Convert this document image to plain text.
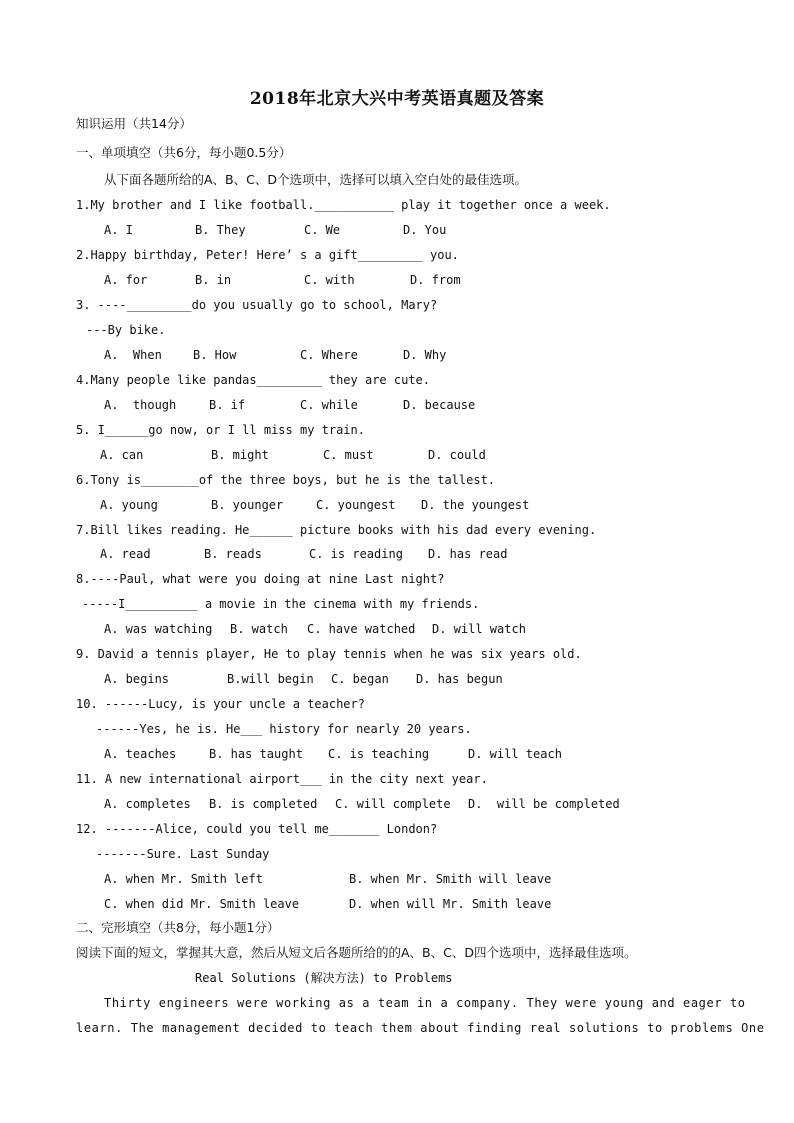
2018年北京大兴中考英语真题及答案
知识运用（共14分）
一、单项填空（共6分，每小题0.5分）
从下面各题所给的A、B、C、D个选项中，选择可以填入空白处的最佳选项。
1.My brother and I like football.___________ play it together once a week.
A. I	B. They	C. We	D. You
2.Happy birthday, Peter! Here’ s a gift_________ you.
A. for	B. in	C. with	D. from
3. ----_________do you usually go to school, Mary?
---By bike.
A.  When	B. How	C. Where	D. Why
4.Many people like pandas_________ they are cute.
A.  though	B. if	C. while	D. because
5. I______go now, or I ll miss my train.
A. can	B. might	C. must	D. could
6.Tony is________of the three boys, but he is the tallest.
A. young	B. younger	C. youngest D. the youngest
7.Bill likes reading. He______ picture books with his dad every evening.
A. read	B. reads	C. is reading D. has read
8.----Paul, what were you doing at nine Last night?
-----I__________ a movie in the cinema with my friends.
A. was watching B. watch C. have watched D. will watch
9. David a tennis player, He to play tennis when he was six years old.
A. begins	B.will begin C. began D. has begun
10. ------Lucy, is your uncle a teacher?
------Yes, he is. He___ history for nearly 20 years.
A. teaches	B. has taught C. is teaching	D. will teach
11. A new international airport___ in the city next year.
A. completes B. is completed C. will complete D.  will be completed
12. -------Alice, could you tell me_______ London?
-------Sure. Last Sunday
A. when Mr. Smith left	B. when Mr. Smith will leave
C. when did Mr. Smith leave	D. when will Mr. Smith leave
二、完形填空（共8分，每小题1分）
阅读下面的短文，掌握其大意，然后从短文后各题所给的的A、B、C、D四个选项中，选择最佳选项。
Real Solutions (解决方法) to Problems
Thirty engineers were working as a team in a company. They were young and eager to
learn. The management decided to teach them about finding real solutions to problems One
